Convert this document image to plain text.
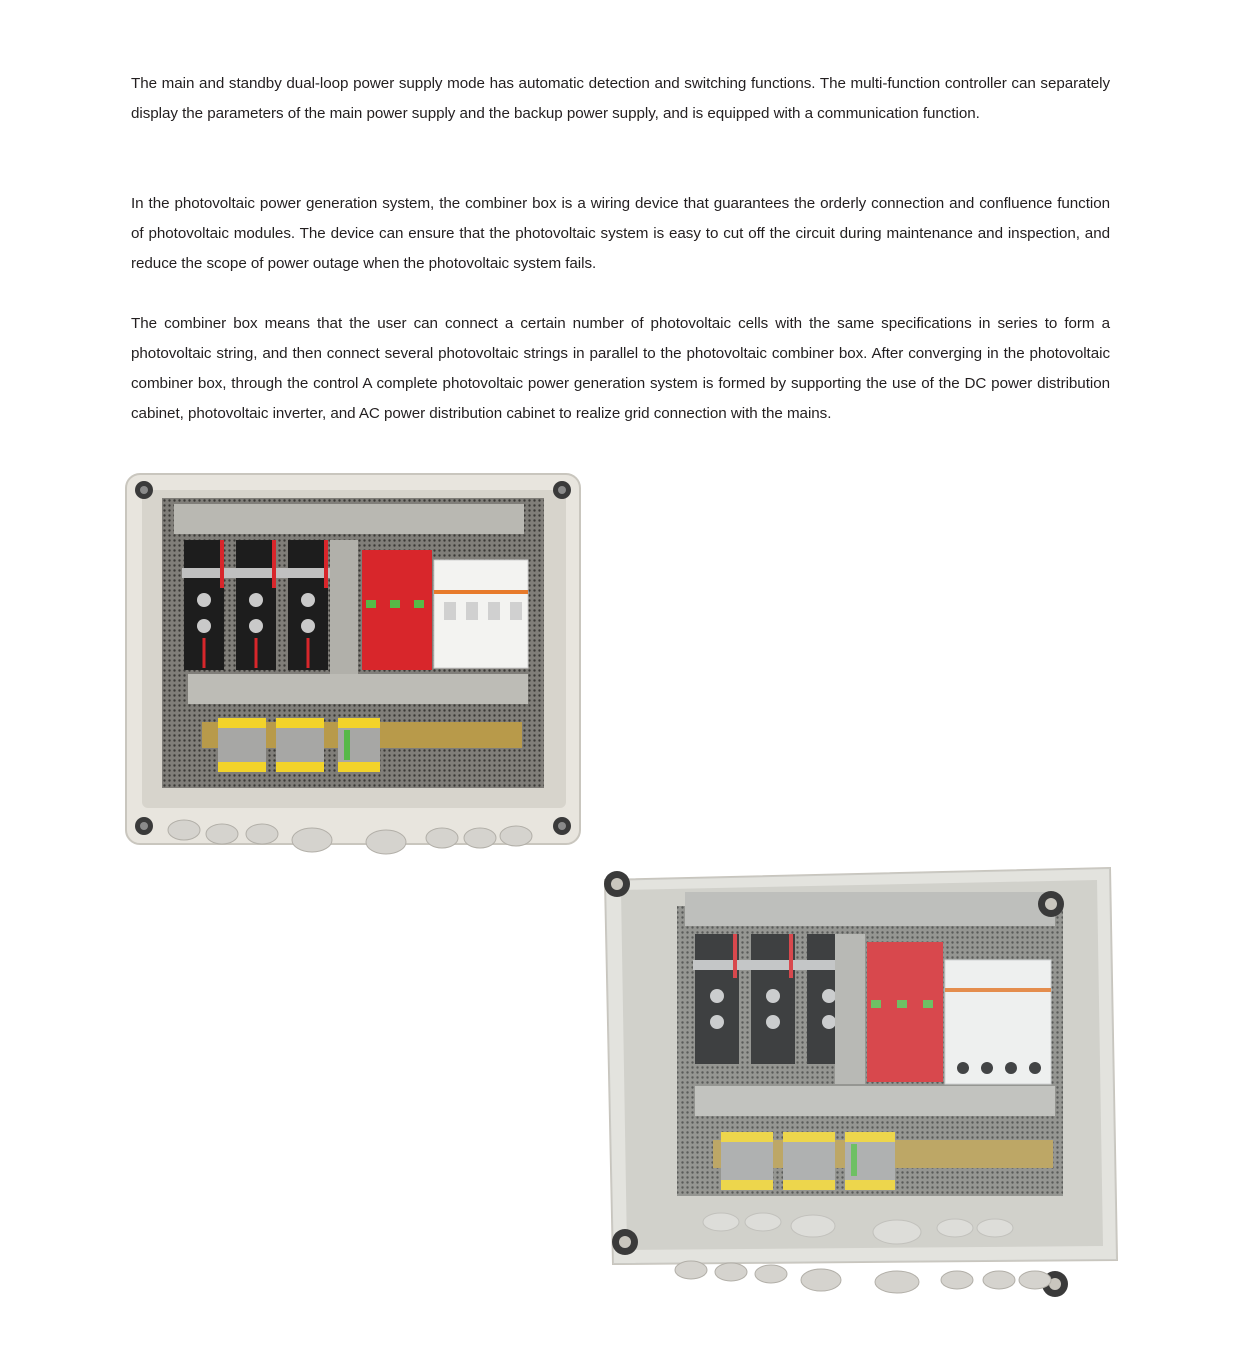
The main and standby dual-loop power supply mode has automatic detection and switching functions. The multi-function controller can separately display the parameters of the main power supply and the backup power supply, and is equipped with a communication function.

In the photovoltaic power generation system, the combiner box is a wiring device that guarantees the orderly connection and confluence function of photovoltaic modules. The device can ensure that the photovoltaic system is easy to cut off the circuit during maintenance and inspection, and reduce the scope of power outage when the photovoltaic system fails.

The combiner box means that the user can connect a certain number of photovoltaic cells with the same specifications in series to form a photovoltaic string, and then connect several photovoltaic strings in parallel to the photovoltaic combiner box. After converging in the photovoltaic combiner box, through the control A complete photovoltaic power generation system is formed by supporting the use of the DC power distribution cabinet, photovoltaic inverter, and AC power distribution cabinet to realize grid connection with the mains.
